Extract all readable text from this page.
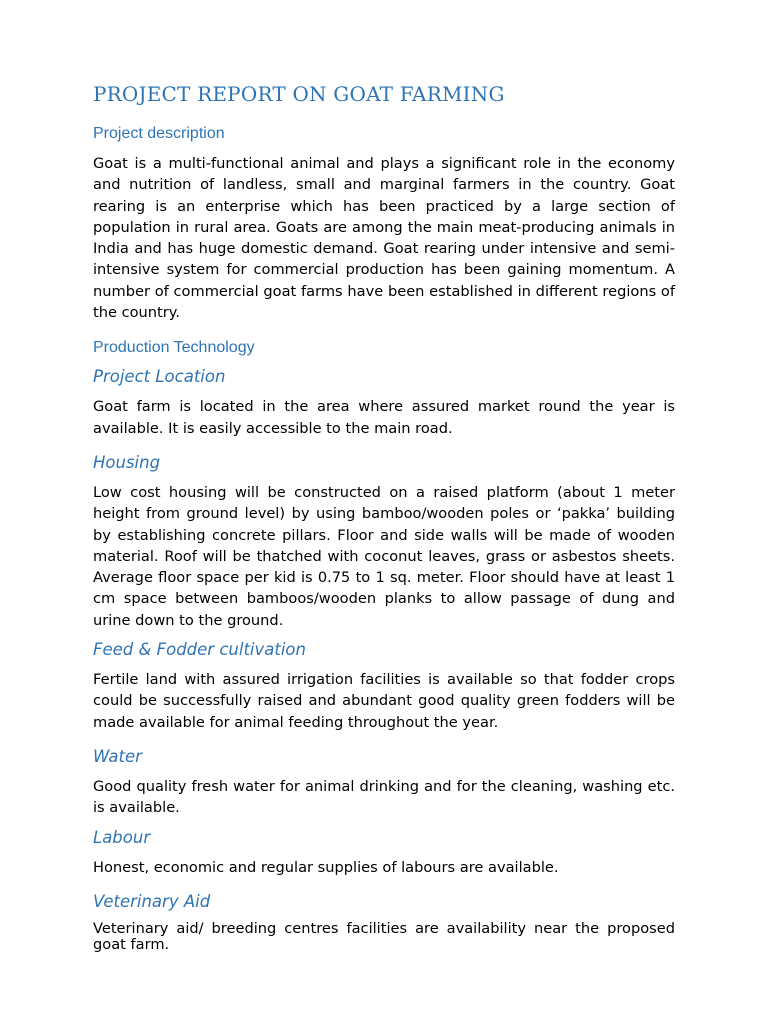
PROJECT REPORT ON GOAT FARMING
Project description

Goat is a multi-functional animal and plays a significant role in the economy and nutrition of landless, small and marginal farmers in the country. Goat rearing is an enterprise which has been practiced by a large section of population in rural area. Goats are among the main meat-producing animals in India and has huge domestic demand. Goat rearing under intensive and semi-intensive system for commercial production has been gaining momentum. A number of commercial goat farms have been established in different regions of the country.

Production Technology
Project Location

Goat farm is located in the area where assured market round the year is available. It is easily accessible to the main road.

Housing

Low cost housing will be constructed on a raised platform (about 1 meter height from ground level) by using bamboo/wooden poles or ‘pakka’ building by establishing concrete pillars. Floor and side walls will be made of wooden material. Roof will be thatched with coconut leaves, grass or asbestos sheets. Average floor space per kid is 0.75 to 1 sq. meter. Floor should have at least 1 cm space between bamboos/wooden planks to allow passage of dung and urine down to the ground.

Feed & Fodder cultivation

Fertile land with assured irrigation facilities is available so that fodder crops could be successfully raised and abundant good quality green fodders will be made available for animal feeding throughout the year.

Water

Good quality fresh water for animal drinking and for the cleaning, washing etc. is available.

Labour

Honest, economic and regular supplies of labours are available.

Veterinary Aid

Veterinary aid/ breeding centres facilities are availability near the proposed goat farm.
